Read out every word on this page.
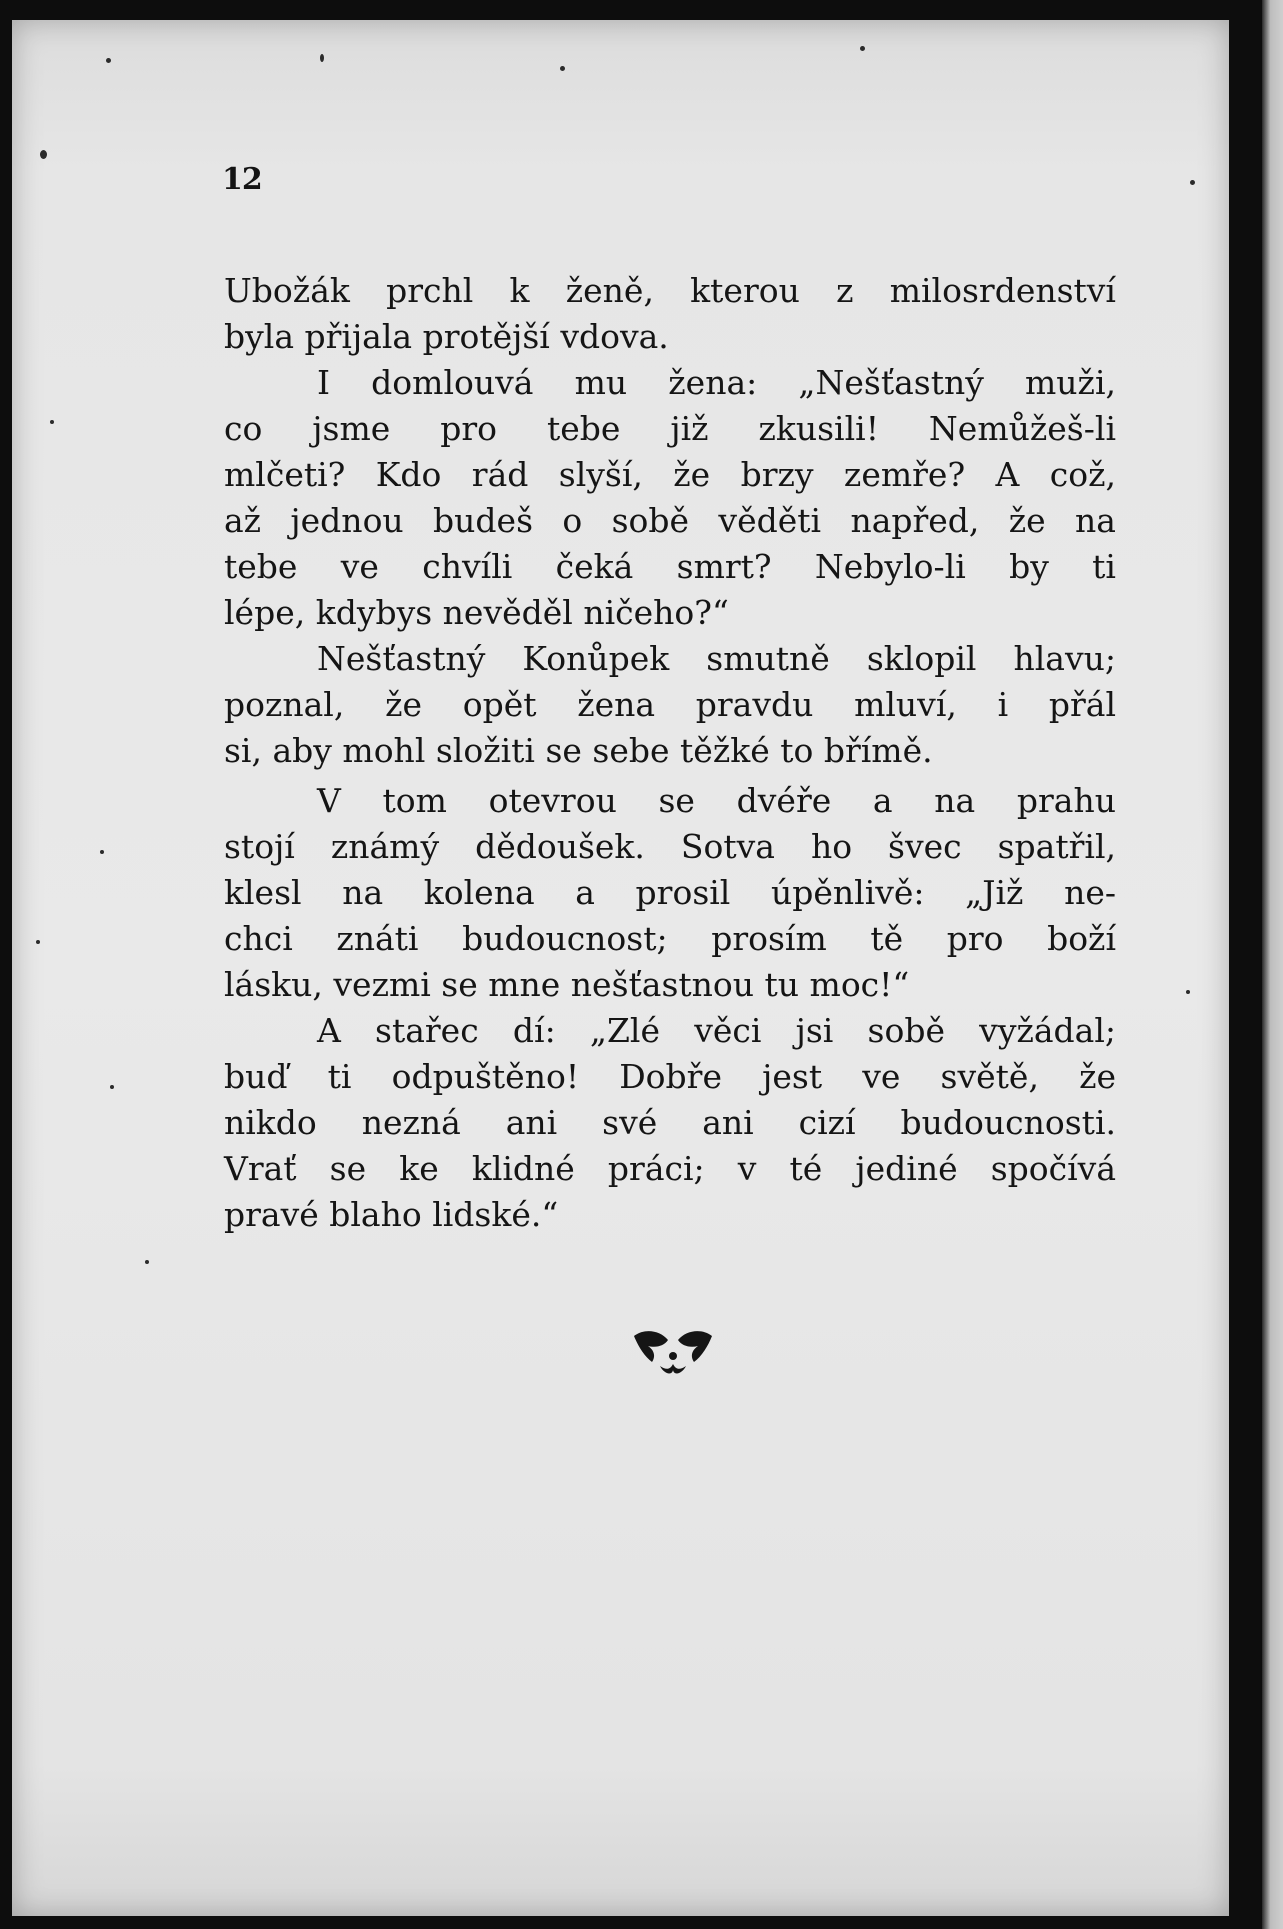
12
Ubožák prchl k ženě, kterou z milosrdenství
byla přijala protější vdova.
I domlouvá mu žena: „Nešťastný muži,
co jsme pro tebe již zkusili! Nemůžeš-li
mlčeti? Kdo rád slyší, že brzy zemře? A což,
až jednou budeš o sobě věděti napřed, že na
tebe ve chvíli čeká smrt? Nebylo-li by ti
lépe, kdybys nevěděl ničeho?“
Nešťastný Konůpek smutně sklopil hlavu;
poznal, že opět žena pravdu mluví, i přál
si, aby mohl složiti se sebe těžké to břímě.
V tom otevrou se dvéře a na prahu
stojí známý dědoušek. Sotva ho švec spatřil,
klesl na kolena a prosil úpěnlivě: „Již ne-
chci znáti budoucnost; prosím tě pro boží
lásku, vezmi se mne nešťastnou tu moc!“
A stařec dí: „Zlé věci jsi sobě vyžádal;
buď ti odpuštěno! Dobře jest ve světě, že
nikdo nezná ani své ani cizí budoucnosti.
Vrať se ke klidné práci; v té jediné spočívá
pravé blaho lidské.“
